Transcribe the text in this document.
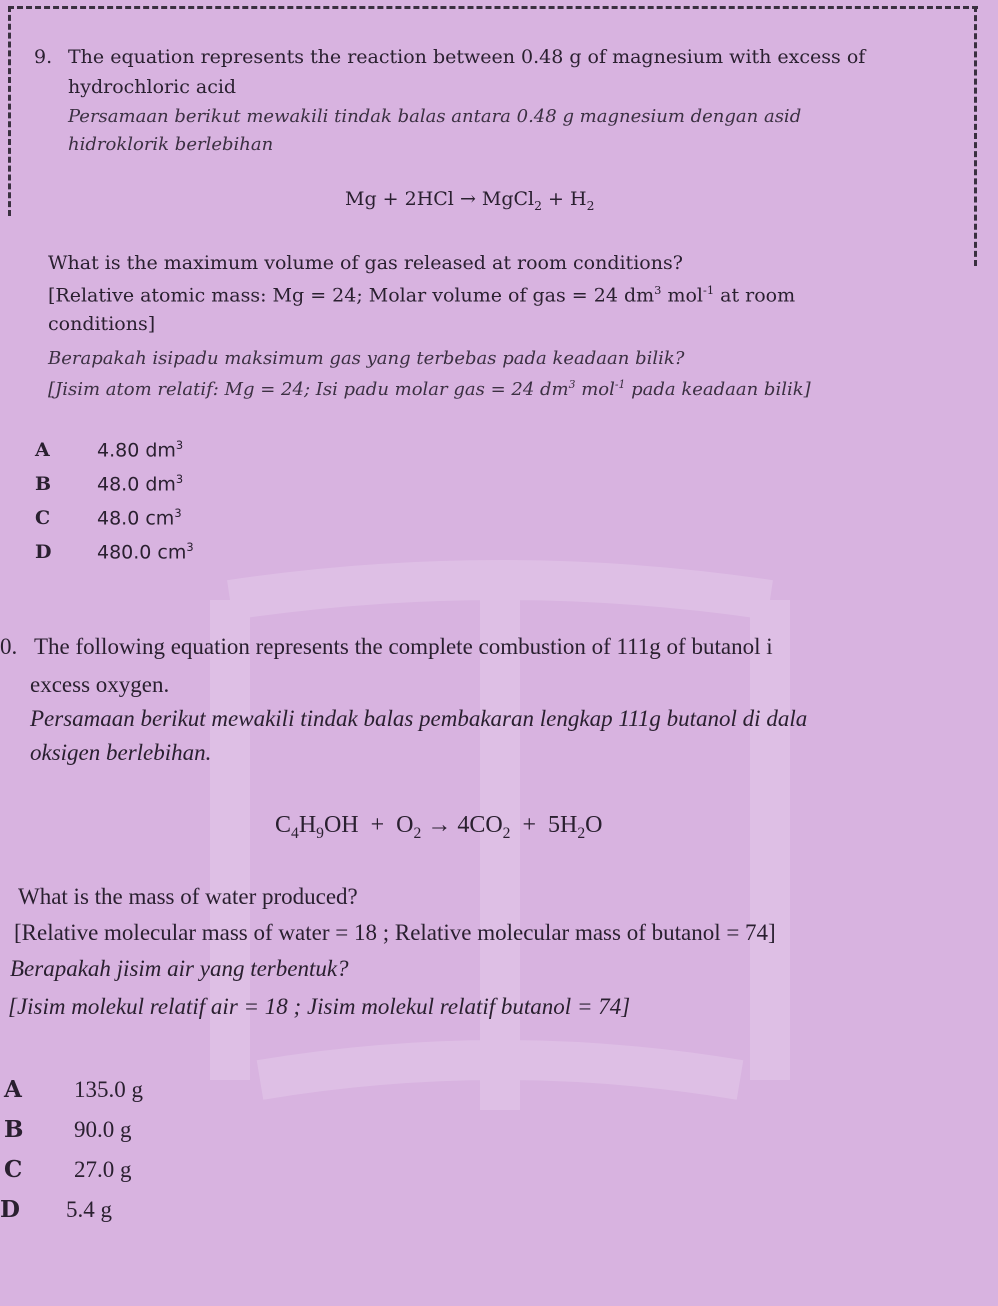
9. The equation represents the reaction between 0.48 g of magnesium with excess of
hydrochloric acid
Persamaan berikut mewakili tindak balas antara 0.48 g magnesium dengan asid
hidroklorik berlebihan
Mg + 2HCl → MgCl$_2$ + $H_2$
What is the maximum volume of gas released at room conditions?
[Relative atomic mass: Mg = 24; Molar volume of gas = 24 $dm^3$ mol$^{-1}$ at room
conditions]
Berapakah isipadu maksimum gas yang terbebas pada keadaan bilik?
[Jisim atom relatif: Mg = 24; Isi padu molar gas = 24 $dm^3$ mol$^{-1}$ pada keadaan bilik]
A 4.80 $dm^3$
B 48.0 $dm^3$
C 48.0 $cm^3$
D 480.0 $cm^3$
0. The following equation represents the complete combustion of 111g of butanol i
excess oxygen.
Persamaan berikut mewakili tindak balas pembakaran lengkap 111g butanol di dala
oksigen berlebihan.
$C_4H_9OH + O_2 \to 4CO_2 + 5H_2O$
What is the mass of water produced?
[Relative molecular mass of water = 18 ; Relative molecular mass of butanol = 74]
Berapakah jisim air yang terbentuk?
[Jisim molekul relatif air = 18 ; Jisim molekul relatif butanol = 74]
A 135.0 g
B 90.0 g
C 27.0 g
D 5.4 g
